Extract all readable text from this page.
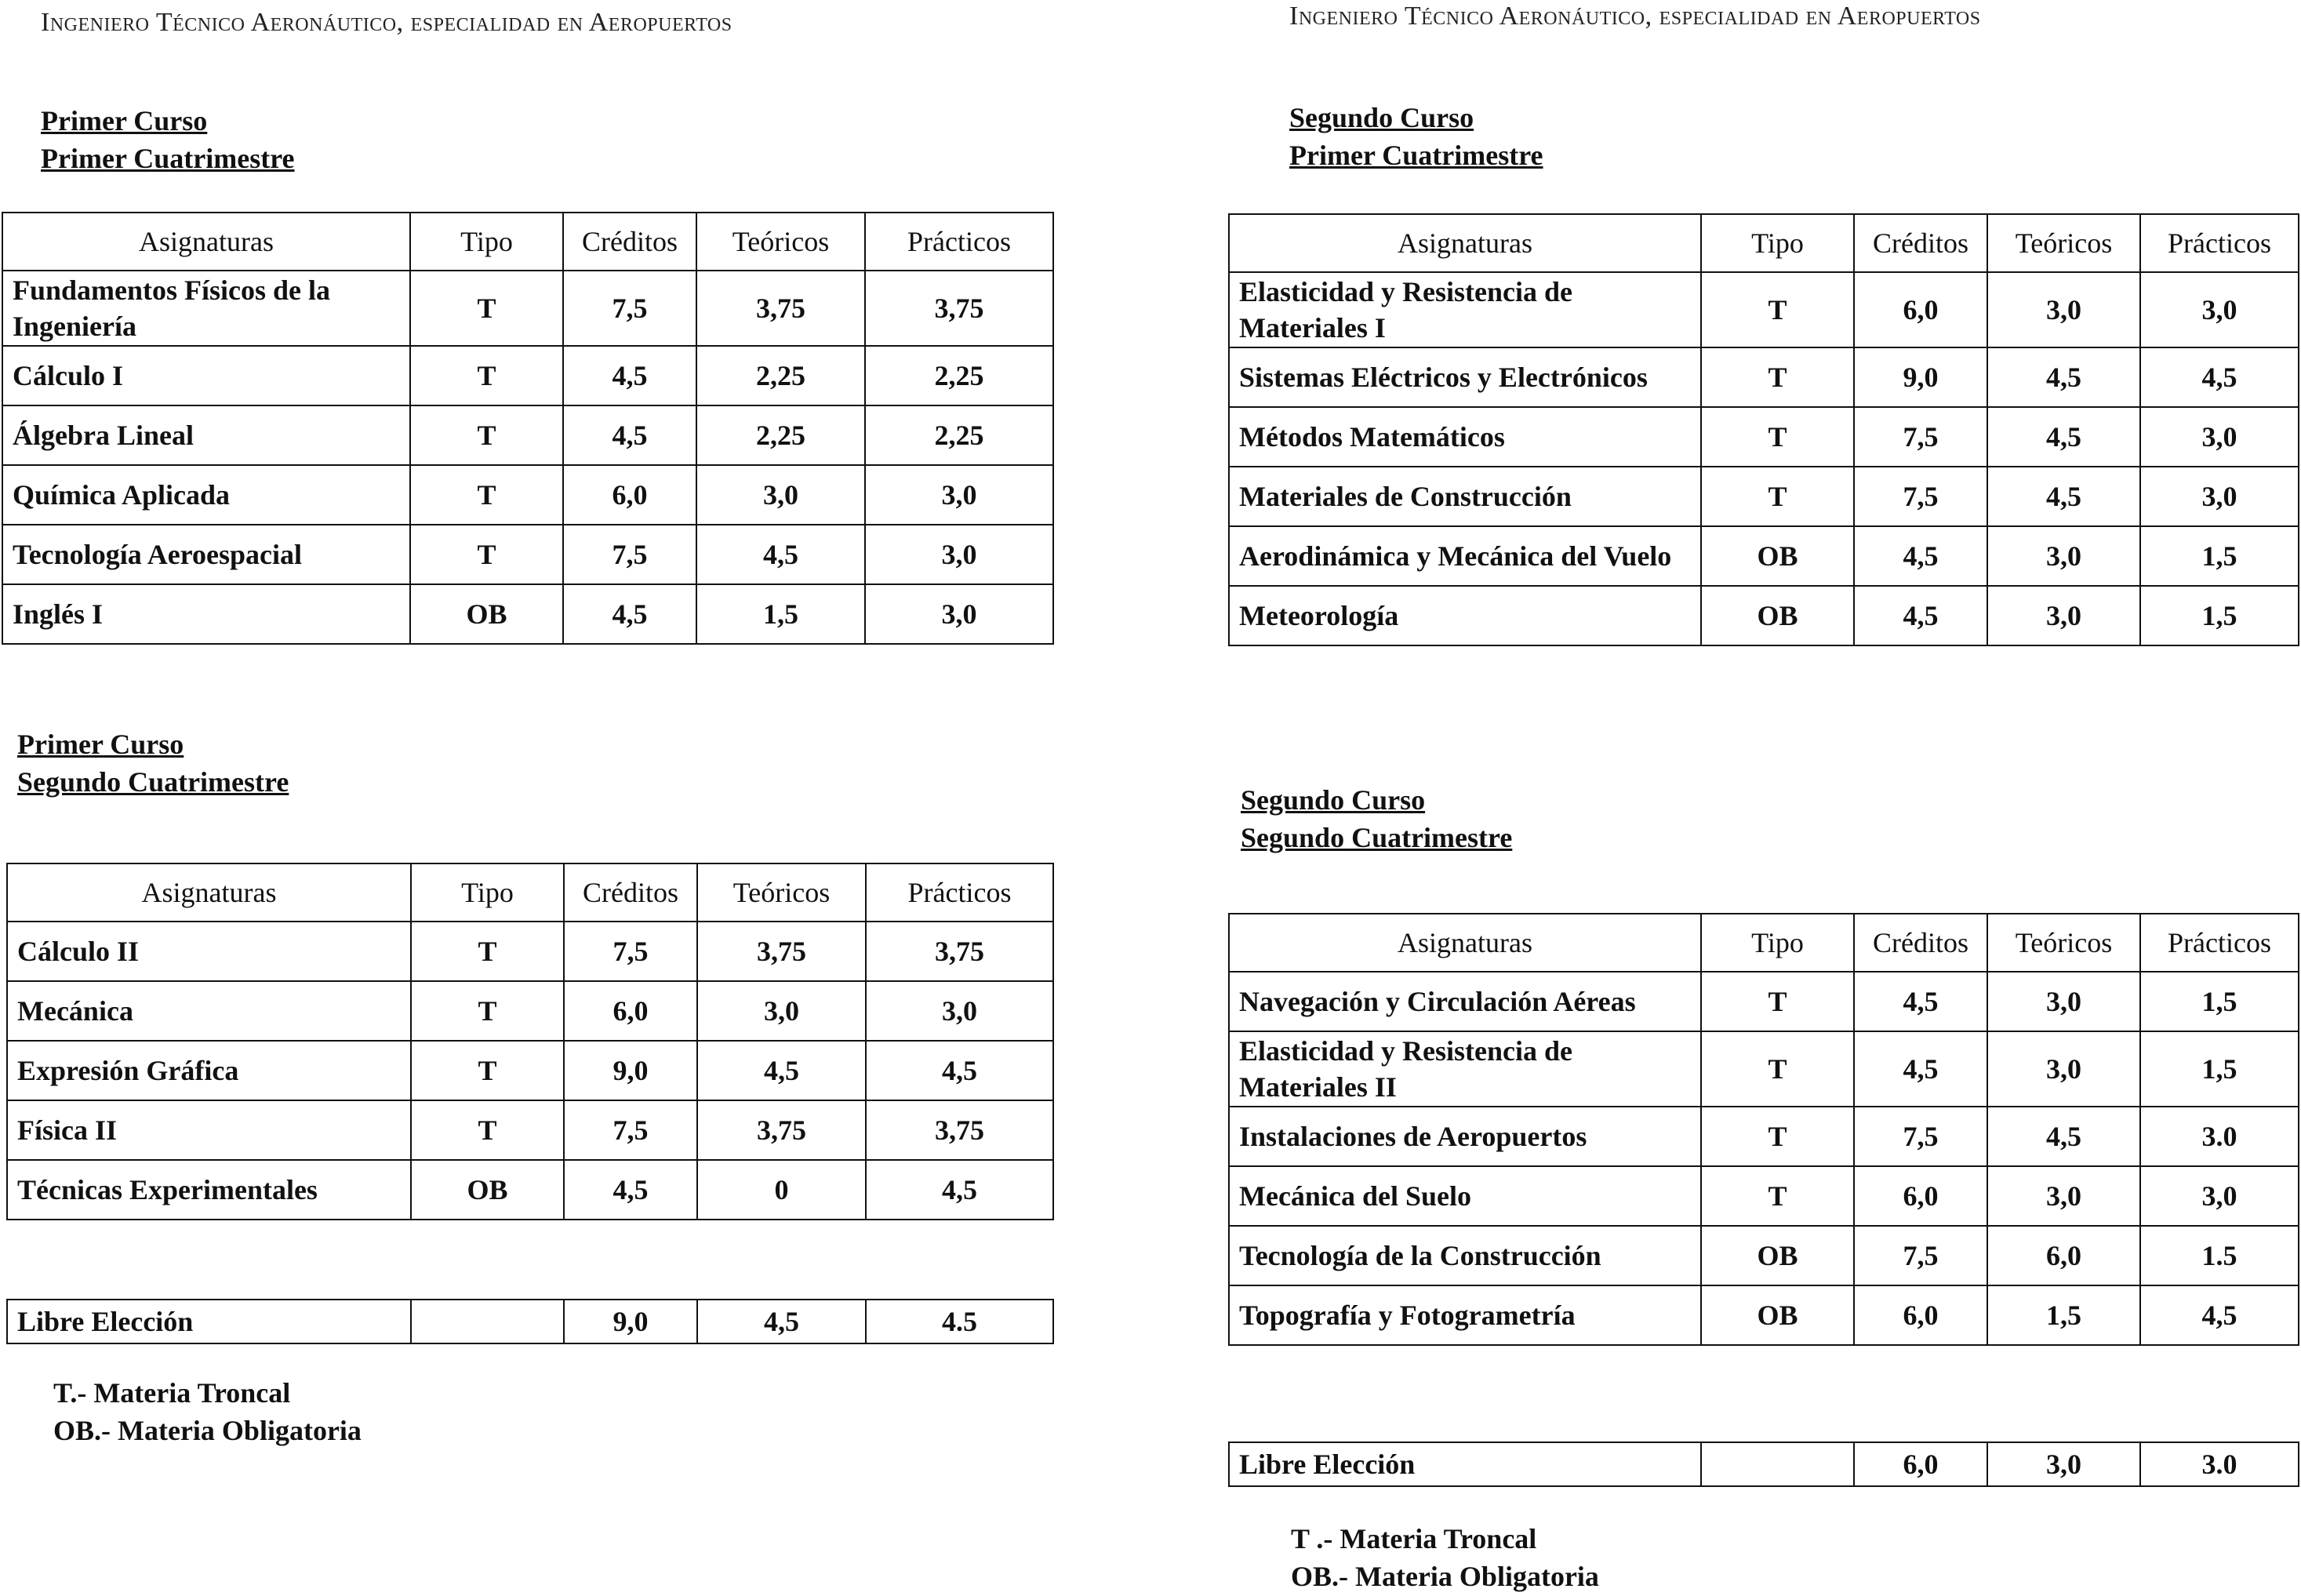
Ingeniero Técnico Aeronáutico, especialidad en Aeropuertos
Primer Curso
Primer Cuatrimestre
Asignaturas	Tipo	Créditos	Teóricos	Prácticos
Fundamentos Físicos de la Ingeniería	T	7,5	3,75	3,75
Cálculo I	T	4,5	2,25	2,25
Álgebra Lineal	T	4,5	2,25	2,25
Química Aplicada	T	6,0	3,0	3,0
Tecnología Aeroespacial	T	7,5	4,5	3,0
Inglés I	OB	4,5	1,5	3,0
Primer Curso
Segundo Cuatrimestre
Asignaturas	Tipo	Créditos	Teóricos	Prácticos
Cálculo II	T	7,5	3,75	3,75
Mecánica	T	6,0	3,0	3,0
Expresión Gráfica	T	9,0	4,5	4,5
Física II	T	7,5	3,75	3,75
Técnicas Experimentales	OB	4,5	0	4,5
Libre Elección		9,0	4,5	4.5
T.- Materia Troncal
OB.- Materia Obligatoria
Ingeniero Técnico Aeronáutico, especialidad en Aeropuertos
Segundo Curso
Primer Cuatrimestre
Asignaturas	Tipo	Créditos	Teóricos	Prácticos
Elasticidad y Resistencia de Materiales I	T	6,0	3,0	3,0
Sistemas Eléctricos y Electrónicos	T	9,0	4,5	4,5
Métodos Matemáticos	T	7,5	4,5	3,0
Materiales de Construcción	T	7,5	4,5	3,0
Aerodinámica y Mecánica del Vuelo	OB	4,5	3,0	1,5
Meteorología	OB	4,5	3,0	1,5
Segundo Curso
Segundo Cuatrimestre
Asignaturas	Tipo	Créditos	Teóricos	Prácticos
Navegación y Circulación Aéreas	T	4,5	3,0	1,5
Elasticidad y Resistencia de Materiales II	T	4,5	3,0	1,5
Instalaciones de Aeropuertos	T	7,5	4,5	3.0
Mecánica del Suelo	T	6,0	3,0	3,0
Tecnología de la Construcción	OB	7,5	6,0	1.5
Topografía y Fotogrametría	OB	6,0	1,5	4,5
Libre Elección		6,0	3,0	3.0
T .- Materia Troncal
OB.- Materia Obligatoria
